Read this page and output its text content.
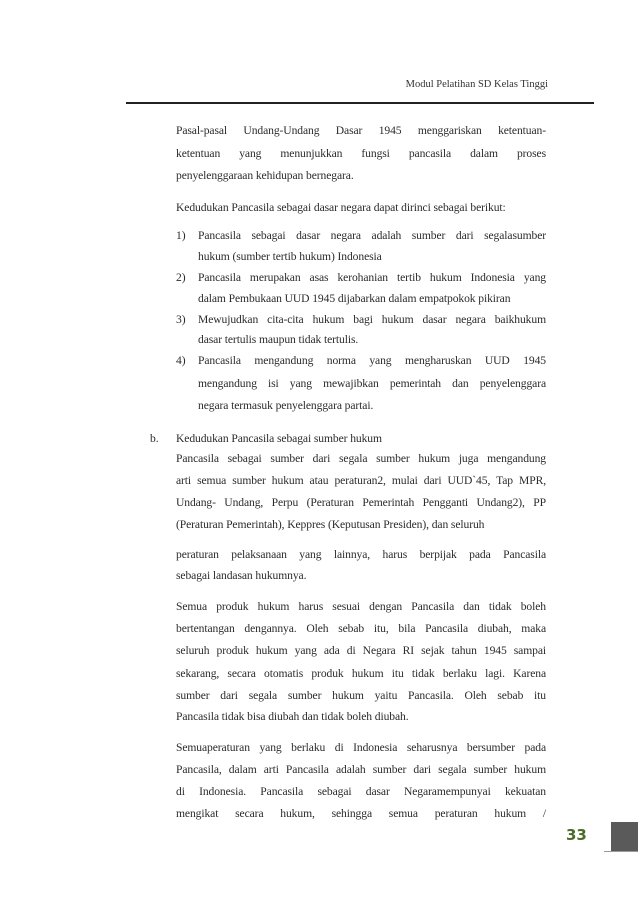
Modul Pelatihan SD Kelas Tinggi
Pasal-pasal Undang-Undang Dasar 1945 menggariskan ketentuan-
ketentuan yang menunjukkan fungsi pancasila dalam proses
penyelenggaraan kehidupan bernegara.
Kedudukan Pancasila sebagai dasar negara dapat dirinci sebagai berikut:
1) Pancasila sebagai dasar negara adalah sumber dari segalasumber
hukum (sumber tertib hukum) Indonesia
2) Pancasila merupakan asas kerohanian tertib hukum Indonesia yang
dalam Pembukaan UUD 1945 dijabarkan dalam empatpokok pikiran
3) Mewujudkan cita-cita hukum bagi hukum dasar negara baikhukum
dasar tertulis maupun tidak tertulis.
4) Pancasila mengandung norma yang mengharuskan UUD 1945
mengandung isi yang mewajibkan pemerintah dan penyelenggara
negara termasuk penyelenggara partai.
b. Kedudukan Pancasila sebagai sumber hukum
Pancasila sebagai sumber dari segala sumber hukum juga mengandung
arti semua sumber hukum atau peraturan2, mulai dari UUD`45, Tap MPR,
Undang- Undang, Perpu (Peraturan Pemerintah Pengganti Undang2), PP
(Peraturan Pemerintah), Keppres (Keputusan Presiden), dan seluruh
peraturan pelaksanaan yang lainnya, harus berpijak pada Pancasila
sebagai landasan hukumnya.
Semua produk hukum harus sesuai dengan Pancasila dan tidak boleh
bertentangan dengannya. Oleh sebab itu, bila Pancasila diubah, maka
seluruh produk hukum yang ada di Negara RI sejak tahun 1945 sampai
sekarang, secara otomatis produk hukum itu tidak berlaku lagi. Karena
sumber dari segala sumber hukum yaitu Pancasila. Oleh sebab itu
Pancasila tidak bisa diubah dan tidak boleh diubah.
Semuaperaturan yang berlaku di Indonesia seharusnya bersumber pada
Pancasila, dalam arti Pancasila adalah sumber dari segala sumber hukum
di Indonesia. Pancasila sebagai dasar Negaramempunyai kekuatan
mengikat secara hukum, sehingga semua peraturan hukum /
33
